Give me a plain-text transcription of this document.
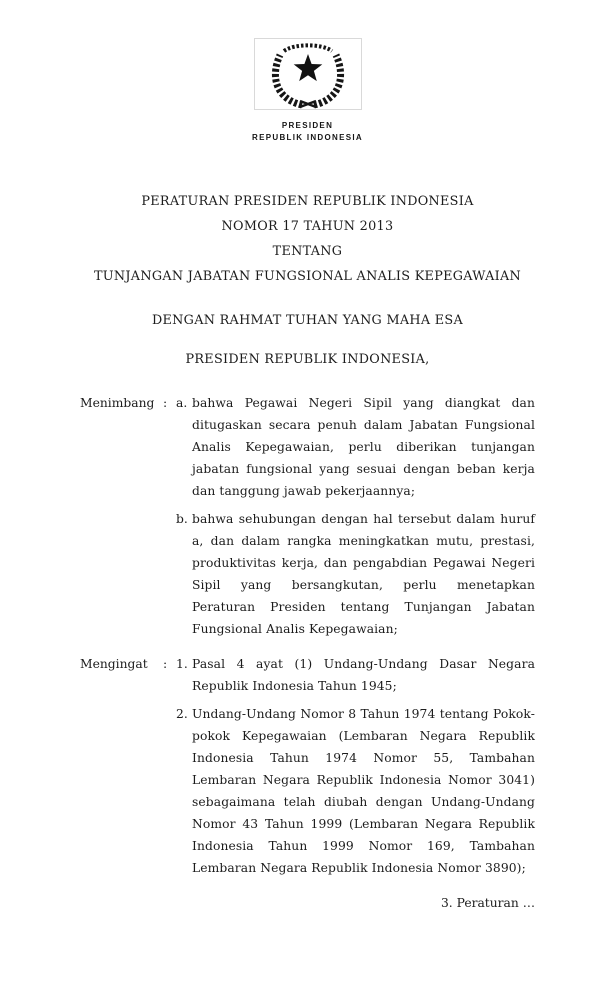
PRESIDEN
REPUBLIK INDONESIA
PERATURAN PRESIDEN REPUBLIK INDONESIA
NOMOR 17 TAHUN 2013
TENTANG
TUNJANGAN JABATAN FUNGSIONAL ANALIS KEPEGAWAIAN
DENGAN RAHMAT TUHAN YANG MAHA ESA
PRESIDEN REPUBLIK INDONESIA,
Menimbang : a. bahwa Pegawai Negeri Sipil yang diangkat dan ditugaskan secara penuh dalam Jabatan Fungsional Analis Kepegawaian, perlu diberikan tunjangan jabatan fungsional yang sesuai dengan beban kerja dan tanggung jawab pekerjaannya;
b. bahwa sehubungan dengan hal tersebut dalam huruf a, dan dalam rangka meningkatkan mutu, prestasi, produktivitas kerja, dan pengabdian Pegawai Negeri Sipil yang bersangkutan, perlu menetapkan Peraturan Presiden tentang Tunjangan Jabatan Fungsional Analis Kepegawaian;
Mengingat	: 1. Pasal 4 ayat (1) Undang-Undang Dasar Negara Republik Indonesia Tahun 1945;
2. Undang-Undang Nomor 8 Tahun 1974 tentang Pokok-pokok Kepegawaian (Lembaran Negara Republik Indonesia Tahun 1974 Nomor 55, Tambahan Lembaran Negara Republik Indonesia Nomor 3041) sebagaimana telah diubah dengan Undang-Undang Nomor 43 Tahun 1999 (Lembaran Negara Republik Indonesia Tahun 1999 Nomor 169, Tambahan Lembaran Negara Republik Indonesia Nomor 3890);
3. Peraturan …
